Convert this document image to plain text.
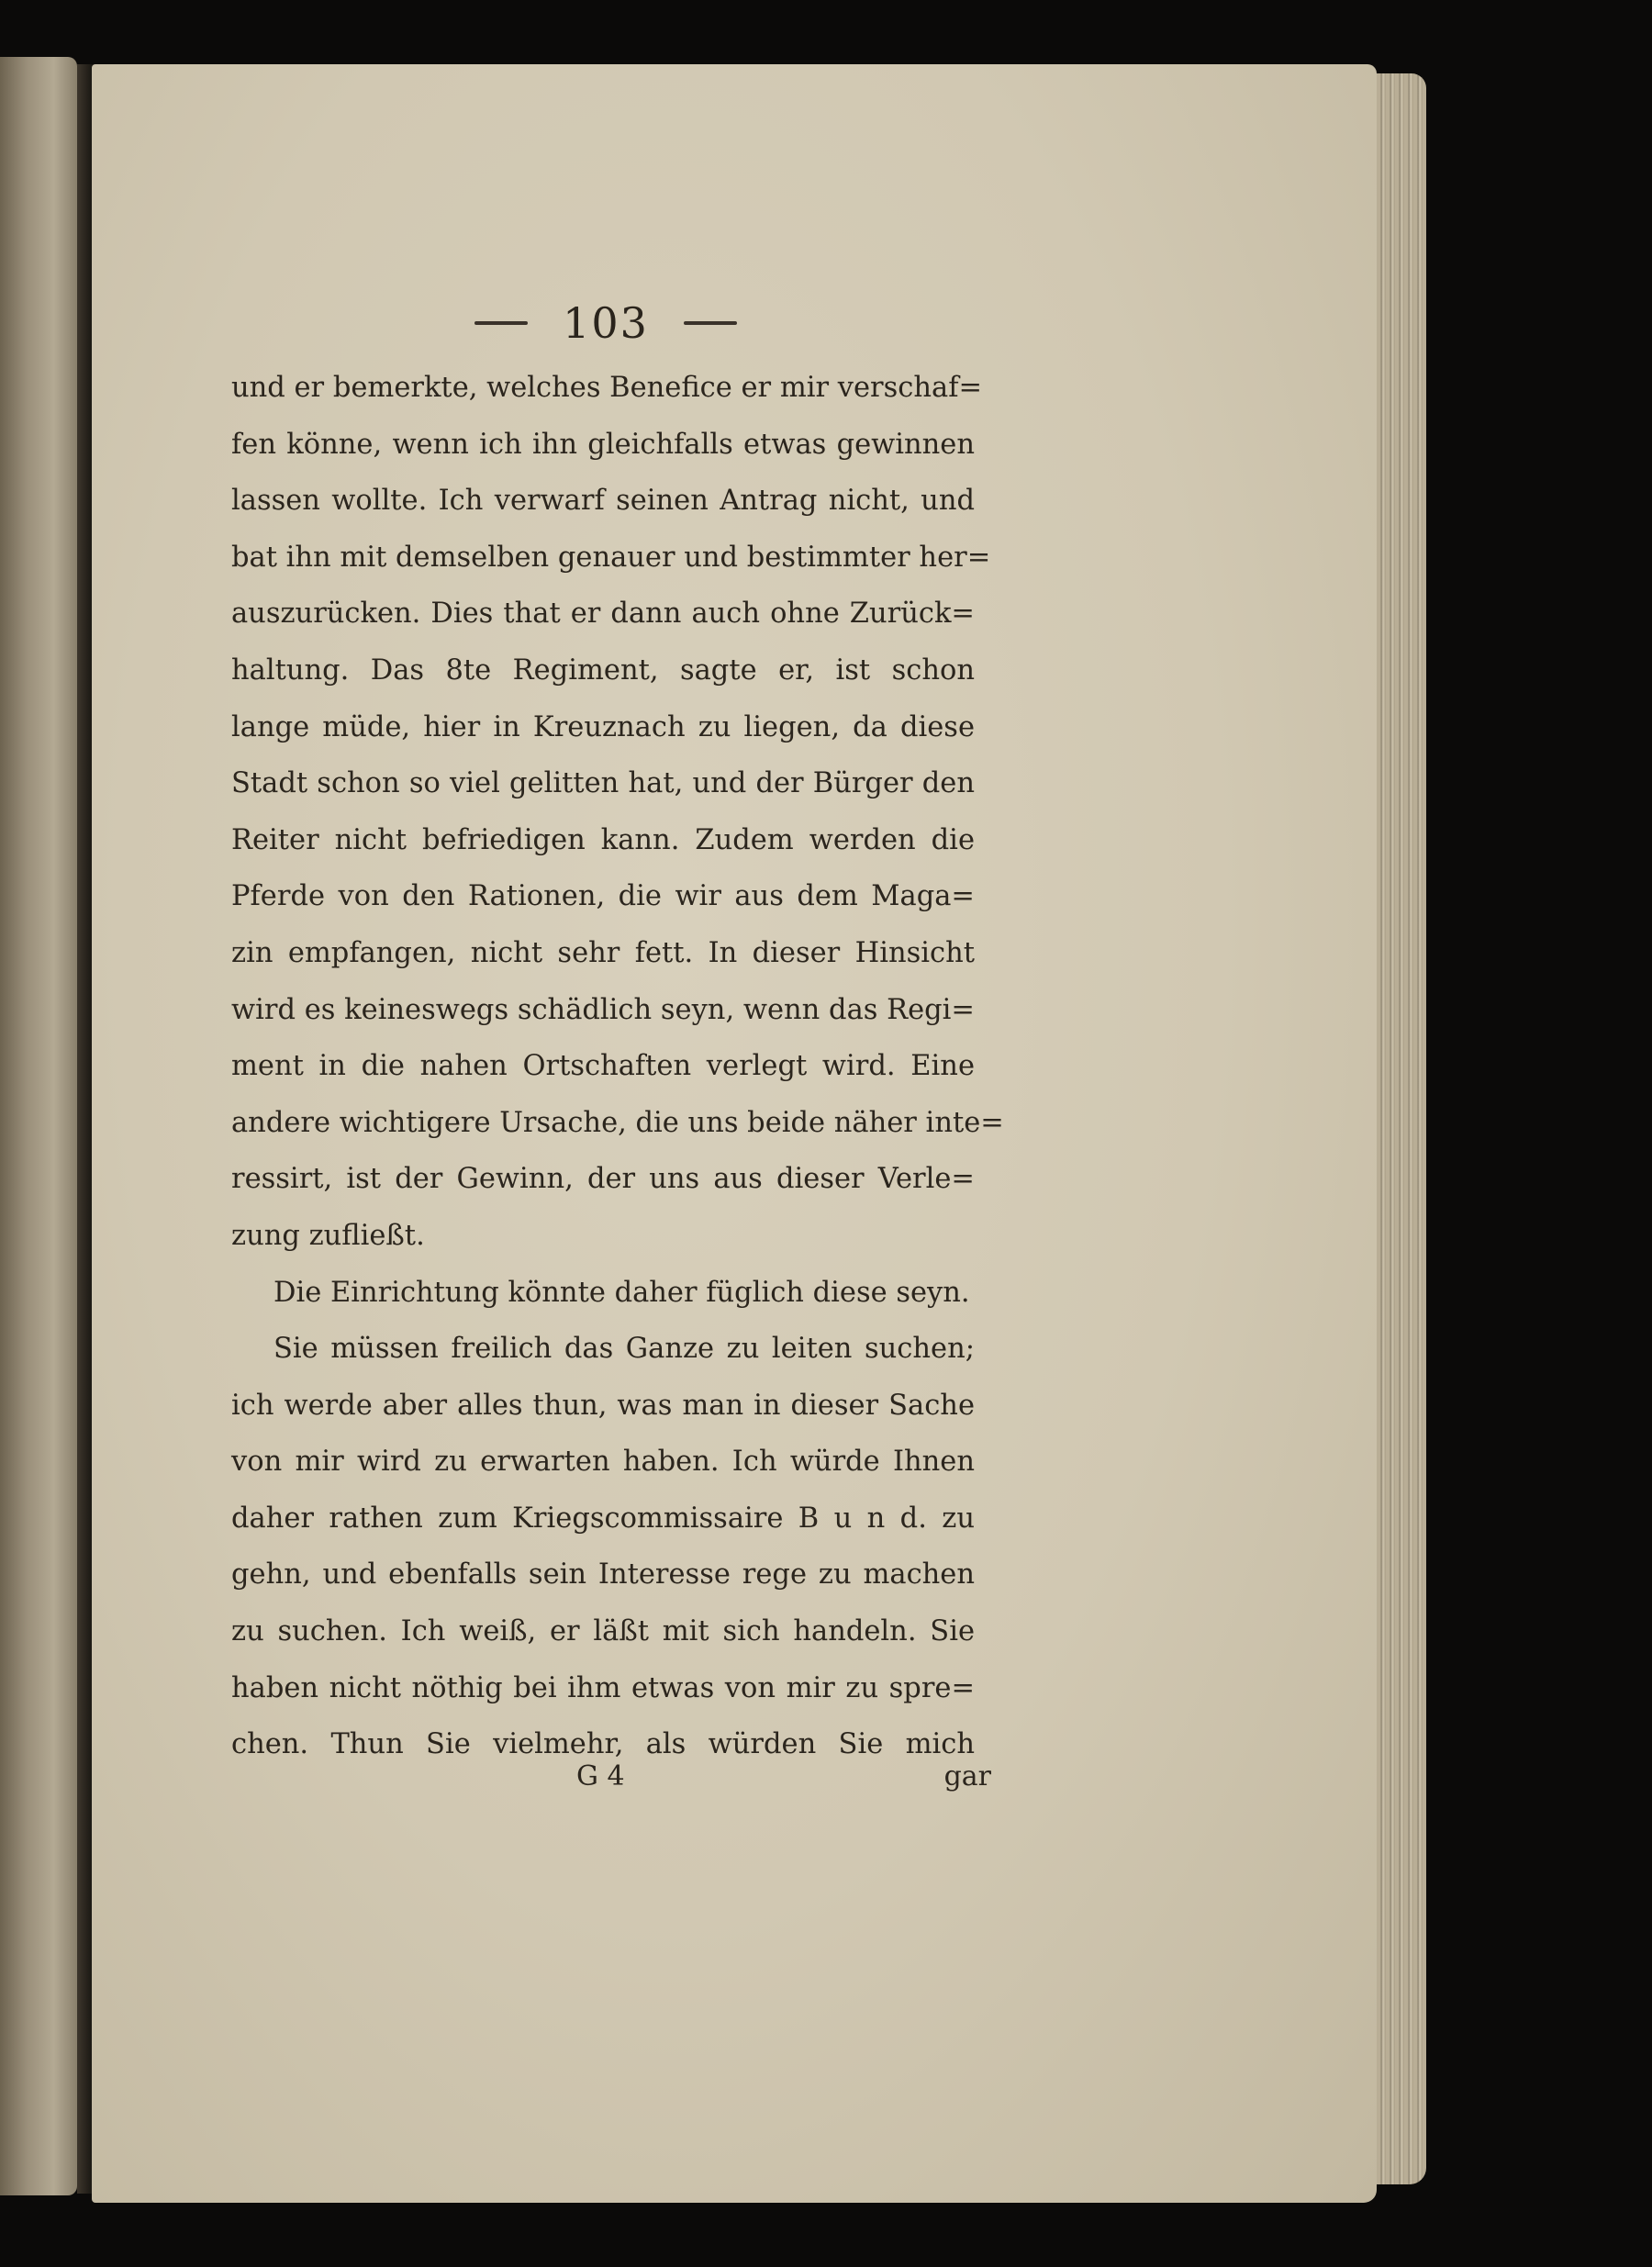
103
und er bemerkte, welches Benefice er mir verschaf=
fen könne, wenn ich ihn gleichfalls etwas gewinnen
lassen wollte. Ich verwarf seinen Antrag nicht, und
bat ihn mit demselben genauer und bestimmter her=
auszurücken. Dies that er dann auch ohne Zurück=
haltung. Das 8te Regiment, sagte er, ist schon
lange müde, hier in Kreuznach zu liegen, da diese
Stadt schon so viel gelitten hat, und der Bürger den
Reiter nicht befriedigen kann. Zudem werden die
Pferde von den Rationen, die wir aus dem Maga=
zin empfangen, nicht sehr fett. In dieser Hinsicht
wird es keineswegs schädlich seyn, wenn das Regi=
ment in die nahen Ortschaften verlegt wird. Eine
andere wichtigere Ursache, die uns beide näher inte=
ressirt, ist der Gewinn, der uns aus dieser Verle=
zung zufließt.
Die Einrichtung könnte daher füglich diese seyn.
Sie müssen freilich das Ganze zu leiten suchen;
ich werde aber alles thun, was man in dieser Sache
von mir wird zu erwarten haben. Ich würde Ihnen
daher rathen zum Kriegscommissaire B u n d. zu
gehn, und ebenfalls sein Interesse rege zu machen
zu suchen. Ich weiß, er läßt mit sich handeln. Sie
haben nicht nöthig bei ihm etwas von mir zu spre=
chen. Thun Sie vielmehr, als würden Sie mich
G 4	gar
